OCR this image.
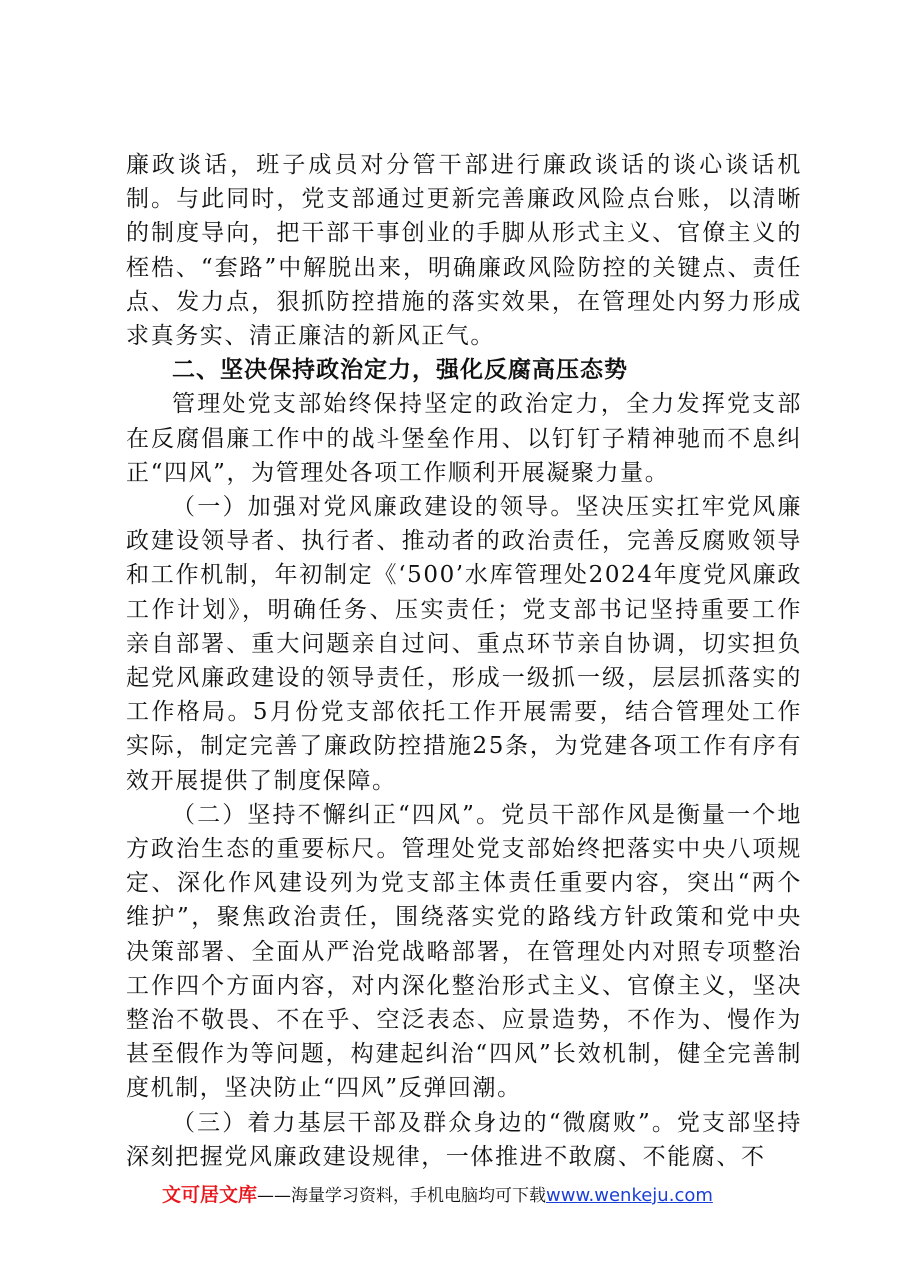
廉政谈话，班子成员对分管干部进行廉政谈话的谈心谈话机制。与此同时，党支部通过更新完善廉政风险点台账，以清晰的制度导向，把干部干事创业的手脚从形式主义、官僚主义的桎梏、“套路”中解脱出来，明确廉政风险防控的关键点、责任点、发力点，狠抓防控措施的落实效果，在管理处内努力形成求真务实、清正廉洁的新风正气。

二、坚决保持政治定力，强化反腐高压态势

管理处党支部始终保持坚定的政治定力，全力发挥党支部在反腐倡廉工作中的战斗堡垒作用、以钉钉子精神驰而不息纠正“四风”，为管理处各项工作顺利开展凝聚力量。

（一）加强对党风廉政建设的领导。坚决压实扛牢党风廉政建设领导者、执行者、推动者的政治责任，完善反腐败领导和工作机制，年初制定《‘500’水库管理处2024年度党风廉政工作计划》，明确任务、压实责任；党支部书记坚持重要工作亲自部署、重大问题亲自过问、重点环节亲自协调，切实担负起党风廉政建设的领导责任，形成一级抓一级，层层抓落实的工作格局。5月份党支部依托工作开展需要，结合管理处工作实际，制定完善了廉政防控措施25条，为党建各项工作有序有效开展提供了制度保障。

（二）坚持不懈纠正“四风”。党员干部作风是衡量一个地方政治生态的重要标尺。管理处党支部始终把落实中央八项规定、深化作风建设列为党支部主体责任重要内容，突出“两个维护”，聚焦政治责任，围绕落实党的路线方针政策和党中央决策部署、全面从严治党战略部署，在管理处内对照专项整治工作四个方面内容，对内深化整治形式主义、官僚主义，坚决整治不敬畏、不在乎、空泛表态、应景造势，不作为、慢作为甚至假作为等问题，构建起纠治“四风”长效机制，健全完善制度机制，坚决防止“四风”反弹回潮。

（三）着力基层干部及群众身边的“微腐败”。党支部坚持深刻把握党风廉政建设规律，一体推进不敢腐、不能腐、不

文可居文库——海量学习资料，手机电脑均可下载www.wenkeju.com
